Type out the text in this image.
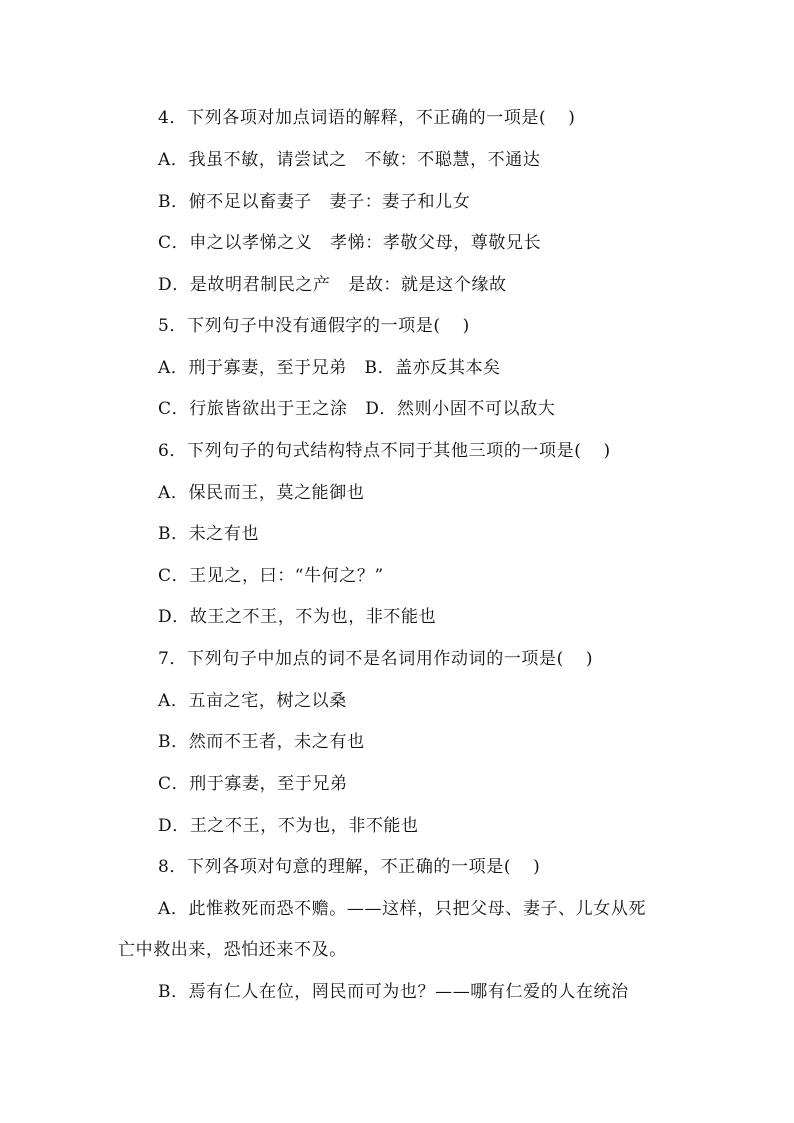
4．下列各项对加点词语的解释，不正确的一项是( )
A．我虽不敏，请尝试之　不敏：不聪慧，不通达
B．俯不足以畜妻子　妻子：妻子和儿女
C．申之以孝悌之义　孝悌：孝敬父母，尊敬兄长
D．是故明君制民之产　是故：就是这个缘故
5．下列句子中没有通假字的一项是( )
A．刑于寡妻，至于兄弟　B．盖亦反其本矣
C．行旅皆欲出于王之涂　D．然则小固不可以敌大
6．下列句子的句式结构特点不同于其他三项的一项是( )
A．保民而王，莫之能御也
B．未之有也
C．王见之，曰：“牛何之？”
D．故王之不王，不为也，非不能也
7．下列句子中加点的词不是名词用作动词的一项是( )
A．五亩之宅，树之以桑
B．然而不王者，未之有也
C．刑于寡妻，至于兄弟
D．王之不王，不为也，非不能也
8．下列各项对句意的理解，不正确的一项是( )
A．此惟救死而恐不赡。——这样，只把父母、妻子、儿女从死
亡中救出来，恐怕还来不及。
B．焉有仁人在位，罔民而可为也？——哪有仁爱的人在统治
